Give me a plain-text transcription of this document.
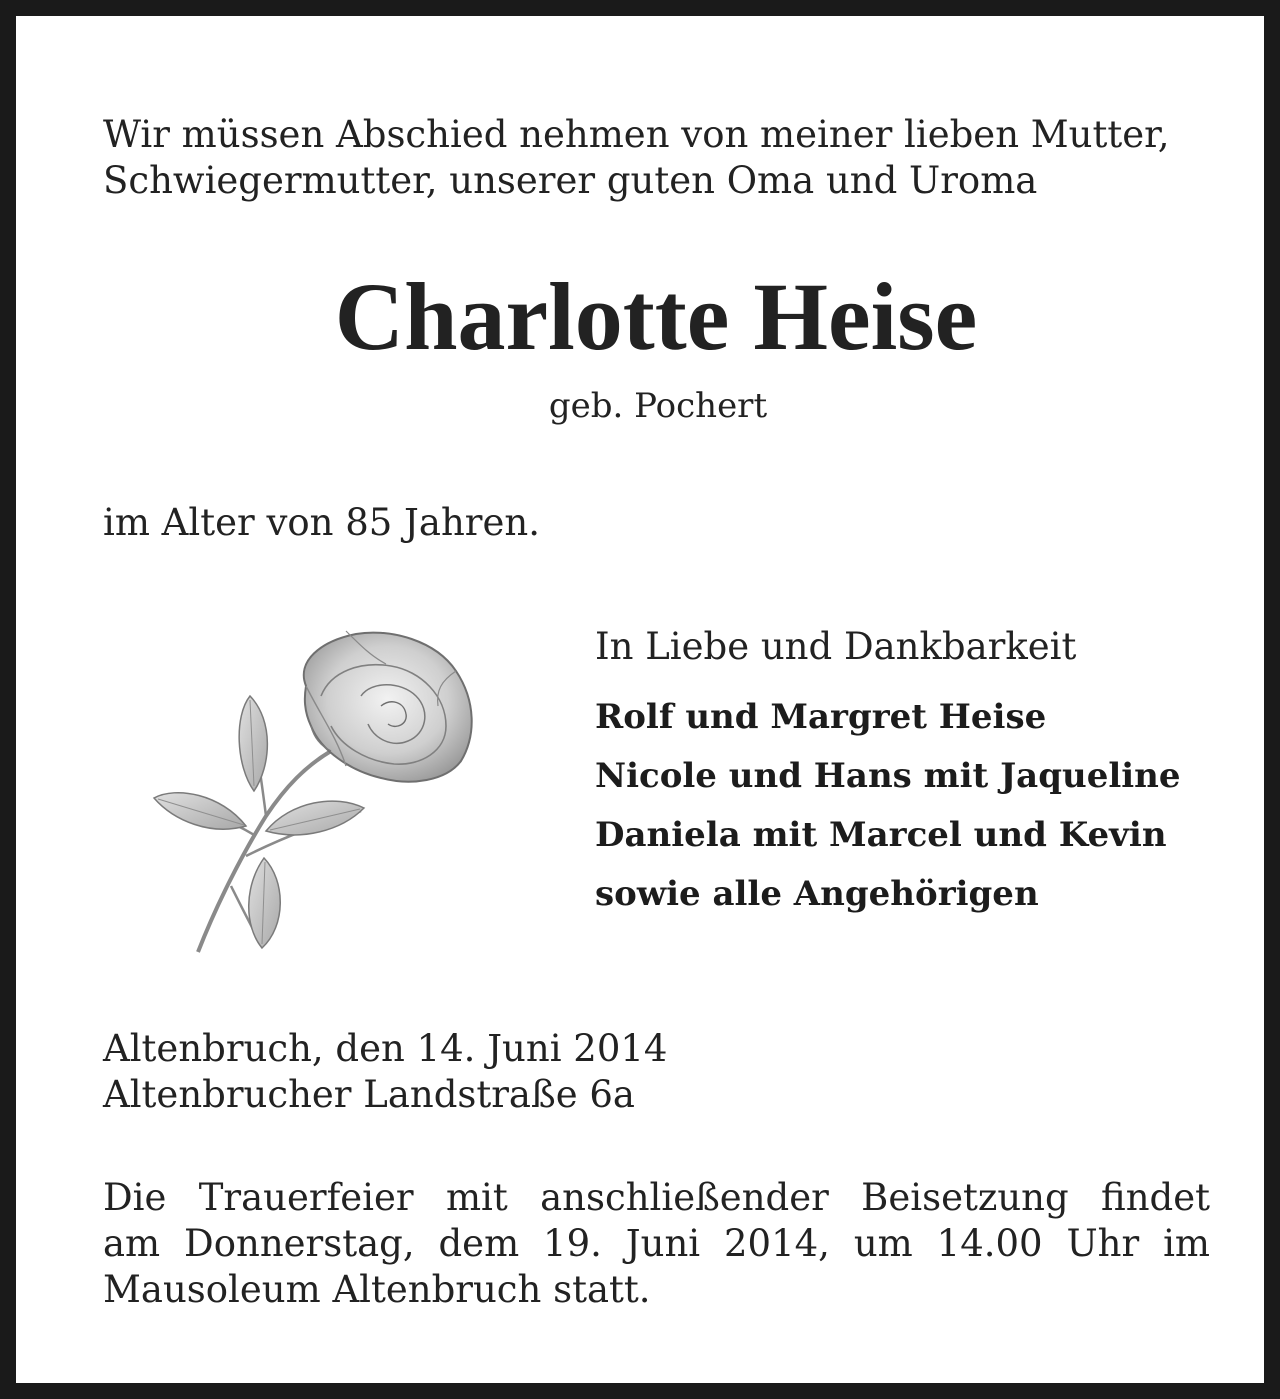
Wir müssen Abschied nehmen von meiner lieben Mutter,
Schwiegermutter, unserer guten Oma und Uroma

Charlotte Heise

geb. Pochert

im Alter von 85 Jahren.

In Liebe und Dankbarkeit

Rolf und Margret Heise
Nicole und Hans mit Jaqueline
Daniela mit Marcel und Kevin
sowie alle Angehörigen

Altenbruch, den 14. Juni 2014
Altenbrucher Landstraße 6a

Die Trauerfeier mit anschließender Beisetzung findet
am Donnerstag, dem 19. Juni 2014, um 14.00 Uhr im
Mausoleum Altenbruch statt.
